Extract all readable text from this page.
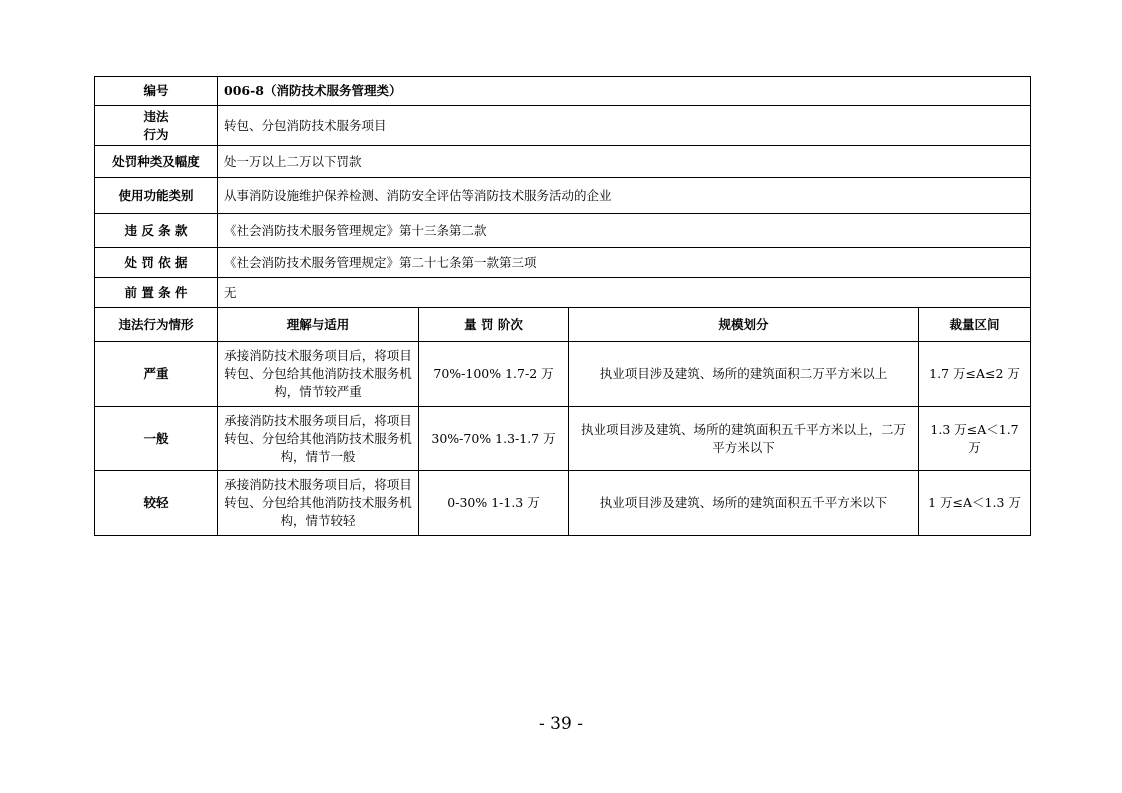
编号	006-8（消防技术服务管理类）			
违法
行为	转包、分包消防技术服务项目			
处罚种类及幅度	处一万以上二万以下罚款			
使用功能类别	从事消防设施维护保养检测、消防安全评估等消防技术服务活动的企业			
违 反 条 款	《社会消防技术服务管理规定》第十三条第二款			
处 罚 依 据	《社会消防技术服务管理规定》第二十七条第一款第三项			
前 置 条 件	无			
违法行为情形	理解与适用	量 罚 阶次	规模划分	裁量区间
严重	承接消防技术服务项目后，将项目转包、分包给其他消防技术服务机构，情节较严重	70%-100% 1.7-2 万	执业项目涉及建筑、场所的建筑面积二万平方米以上	1.7 万≤A≤2 万
一般	承接消防技术服务项目后，将项目转包、分包给其他消防技术服务机构，情节一般	30%-70% 1.3-1.7 万	执业项目涉及建筑、场所的建筑面积五千平方米以上，二万平方米以下	1.3 万≤A＜1.7 万
较轻	承接消防技术服务项目后，将项目转包、分包给其他消防技术服务机构，情节较轻	0-30% 1-1.3 万	执业项目涉及建筑、场所的建筑面积五千平方米以下	1 万≤A＜1.3 万
- 39 -
